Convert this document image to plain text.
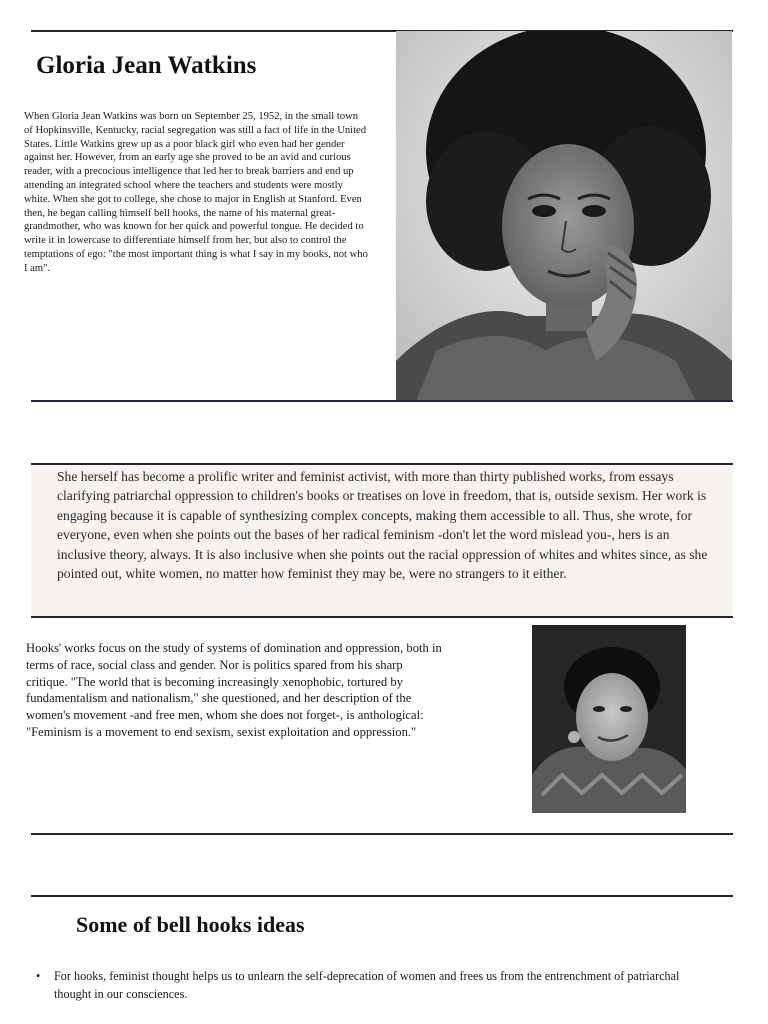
Gloria Jean Watkins

When Gloria Jean Watkins was born on September 25, 1952, in the small town of Hopkinsville, Kentucky, racial segregation was still a fact of life in the United States. Little Watkins grew up as a poor black girl who even had her gender against her. However, from an early age she proved to be an avid and curious reader, with a precocious intelligence that led her to break barriers and end up attending an integrated school where the teachers and students were mostly white. When she got to college, she chose to major in English at Stanford. Even then, he began calling himself bell hooks, the name of his maternal great-grandmother, who was known for her quick and powerful tongue. He decided to write it in lowercase to differentiate himself from her, but also to control the temptations of ego: "the most important thing is what I say in my books, not who I am".

She herself has become a prolific writer and feminist activist, with more than thirty published works, from essays clarifying patriarchal oppression to children's books or treatises on love in freedom, that is, outside sexism. Her work is engaging because it is capable of synthesizing complex concepts, making them accessible to all. Thus, she wrote, for everyone, even when she points out the bases of her radical feminism -don't let the word mislead you-, hers is an inclusive theory, always. It is also inclusive when she points out the racial oppression of whites and whites since, as she pointed out, white women, no matter how feminist they may be, were no strangers to it either.

Hooks' works focus on the study of systems of domination and oppression, both in terms of race, social class and gender. Nor is politics spared from his sharp critique. "The world that is becoming increasingly xenophobic, tortured by fundamentalism and nationalism," she questioned, and her description of the women's movement -and free men, whom she does not forget-, is anthological: "Feminism is a movement to end sexism, sexist exploitation and oppression."

Some of bell hooks ideas
• For hooks, feminist thought helps us to unlearn the self-deprecation of women and frees us from the entrenchment of patriarchal thought in our consciences.
